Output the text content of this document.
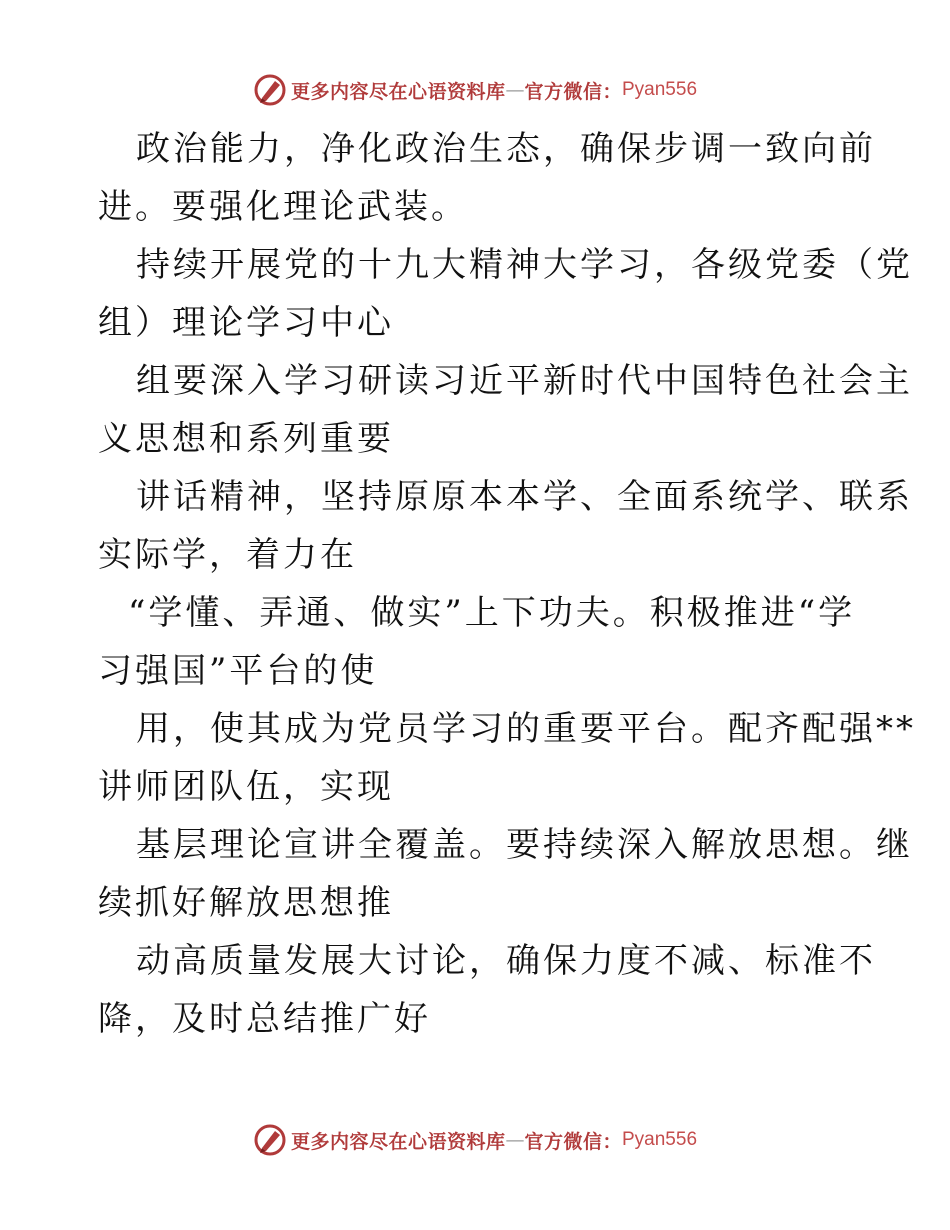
更多内容尽在心语资料库 — 官方微信： Pyan556
政治能力，净化政治生态，确保步调一致向前
进。要强化理论武装。
持续开展党的十九大精神大学习，各级党委（党
组）理论学习中心
组要深入学习研读习近平新时代中国特色社会主
义思想和系列重要
讲话精神，坚持原原本本学、全面系统学、联系
实际学，着力在
“学懂、弄通、做实”上下功夫。积极推进“学
习强国”平台的使
用，使其成为党员学习的重要平台。配齐配强**
讲师团队伍，实现
基层理论宣讲全覆盖。要持续深入解放思想。继
续抓好解放思想推
动高质量发展大讨论，确保力度不减、标准不
降，及时总结推广好
更多内容尽在心语资料库 — 官方微信： Pyan556
